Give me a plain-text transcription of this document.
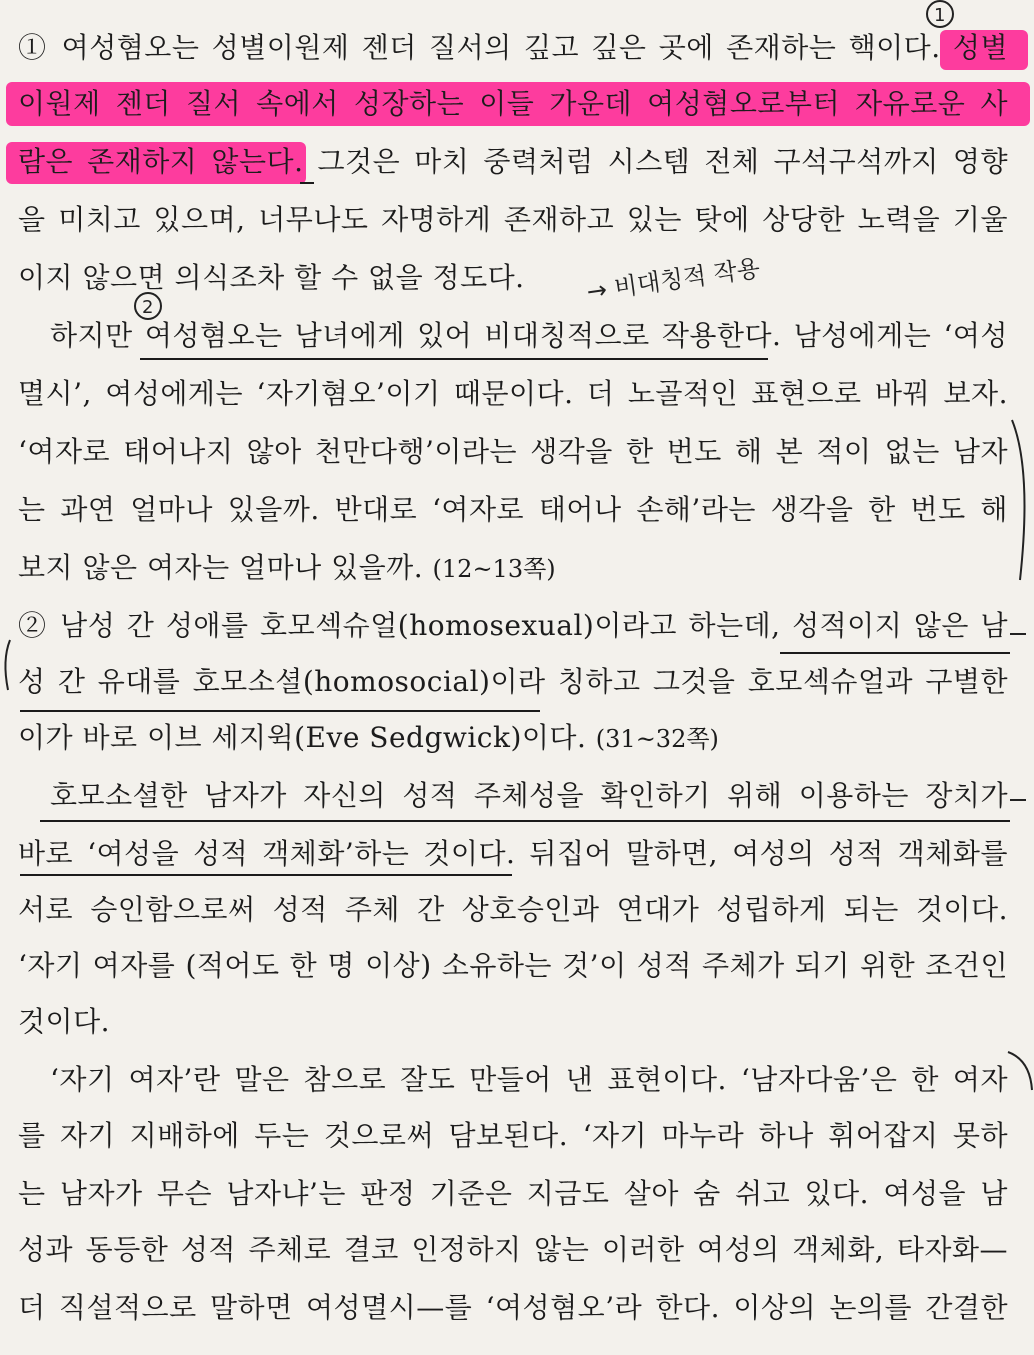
① 여성혐오는 성별이원제 젠더 질서의 깊고 깊은 곳에 존재하는 핵이다. 성별
이원제 젠더 질서 속에서 성장하는 이들 가운데 여성혐오로부터 자유로운 사
람은 존재하지 않는다. 그것은 마치 중력처럼 시스템 전체 구석구석까지 영향
을 미치고 있으며, 너무나도 자명하게 존재하고 있는 탓에 상당한 노력을 기울
이지 않으면 의식조차 할 수 없을 정도다.
하지만 여성혐오는 남녀에게 있어 비대칭적으로 작용한다. 남성에게는 ‘여성
멸시’, 여성에게는 ‘자기혐오’이기 때문이다. 더 노골적인 표현으로 바꿔 보자.
‘여자로 태어나지 않아 천만다행’이라는 생각을 한 번도 해 본 적이 없는 남자
는 과연 얼마나 있을까. 반대로 ‘여자로 태어나 손해’라는 생각을 한 번도 해
보지 않은 여자는 얼마나 있을까. (12~13쪽)
② 남성 간 성애를 호모섹슈얼(homosexual)이라고 하는데, 성적이지 않은 남
성 간 유대를 호모소셜(homosocial)이라 칭하고 그것을 호모섹슈얼과 구별한
이가 바로 이브 세지윅(Eve Sedgwick)이다. (31~32쪽)
호모소셜한 남자가 자신의 성적 주체성을 확인하기 위해 이용하는 장치가
바로 ‘여성을 성적 객체화’하는 것이다. 뒤집어 말하면, 여성의 성적 객체화를
서로 승인함으로써 성적 주체 간 상호승인과 연대가 성립하게 되는 것이다.
‘자기 여자를 (적어도 한 명 이상) 소유하는 것’이 성적 주체가 되기 위한 조건인
것이다.
‘자기 여자’란 말은 참으로 잘도 만들어 낸 표현이다. ‘남자다움’은 한 여자
를 자기 지배하에 두는 것으로써 담보된다. ‘자기 마누라 하나 휘어잡지 못하
는 남자가 무슨 남자냐’는 판정 기준은 지금도 살아 숨 쉬고 있다. 여성을 남
성과 동등한 성적 주체로 결코 인정하지 않는 이러한 여성의 객체화, 타자화—
더 직설적으로 말하면 여성멸시—를 ‘여성혐오’라 한다. 이상의 논의를 간결한
1
2
→ 비대칭적 작용
